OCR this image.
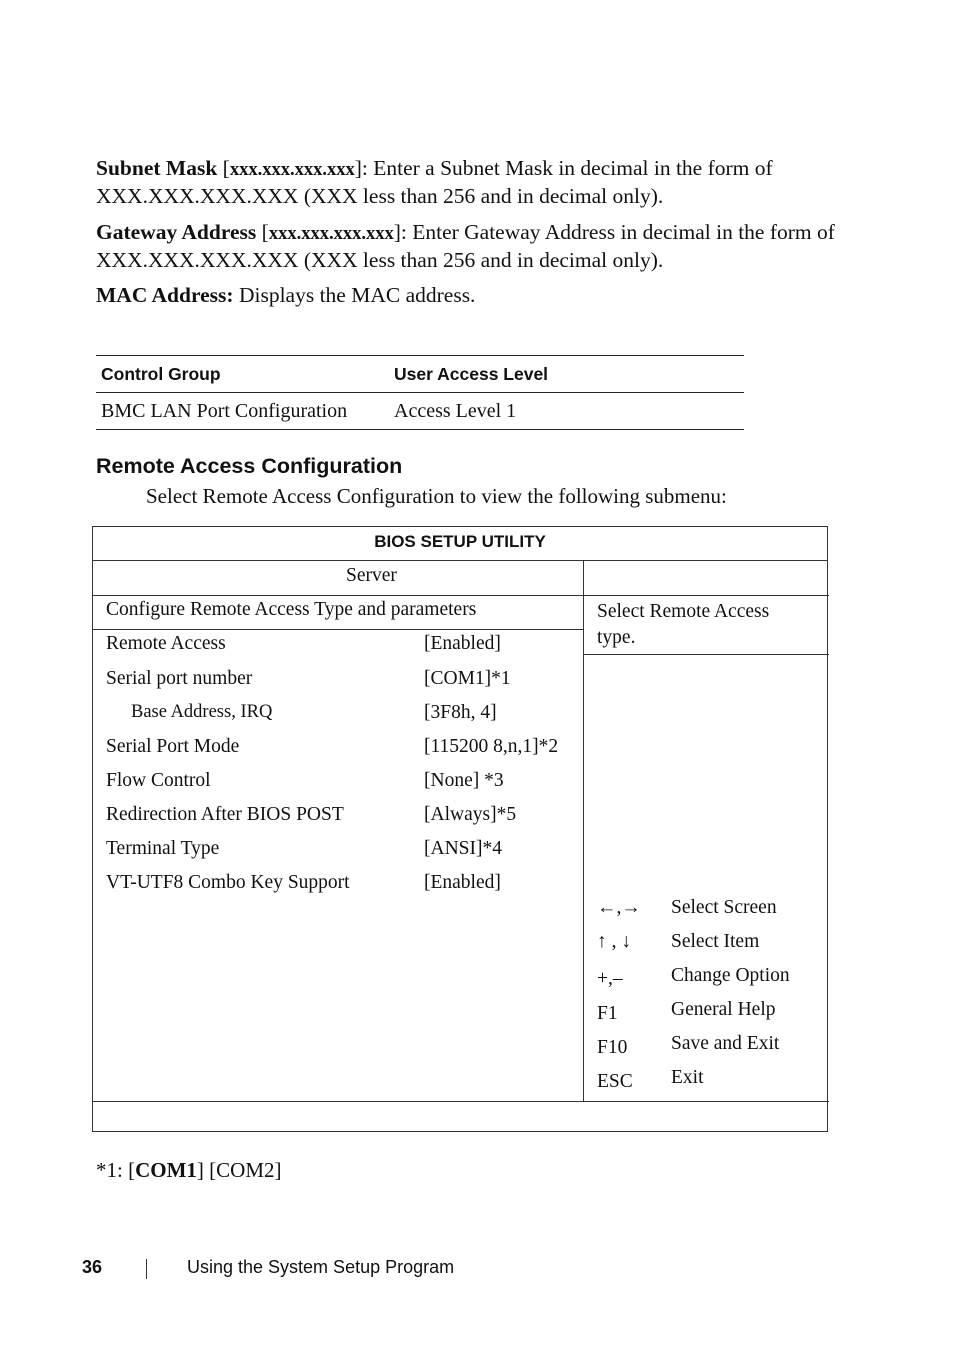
Subnet Mask [xxx.xxx.xxx.xxx]: Enter a Subnet Mask in decimal in the form of XXX.XXX.XXX.XXX (XXX less than 256 and in decimal only).

Gateway Address [xxx.xxx.xxx.xxx]: Enter Gateway Address in decimal in the form of XXX.XXX.XXX.XXX (XXX less than 256 and in decimal only).

MAC Address: Displays the MAC address.

Control Group	User Access Level
BMC LAN Port Configuration	Access Level 1
Remote Access Configuration

Select Remote Access Configuration to view the following submenu:

BIOS SETUP UTILITY
Server
Configure Remote Access Type and parameters
Remote Access	[Enabled]
Serial port number	[COM1]*1
Base Address, IRQ	[3F8h, 4]
Serial Port Mode	[115200 8,n,1]*2
Flow Control	[None] *3
Redirection After BIOS POST	[Always]*5
Terminal Type	[ANSI]*4
VT-UTF8 Combo Key Support	[Enabled]
Select Remote Access type.
←,→ Select Screen
↑ , ↓ Select Item
+,– Change Option
F1	General Help
F10 Save and Exit
ESC Exit

*1: [COM1] [COM2]

36	Using the System Setup Program
